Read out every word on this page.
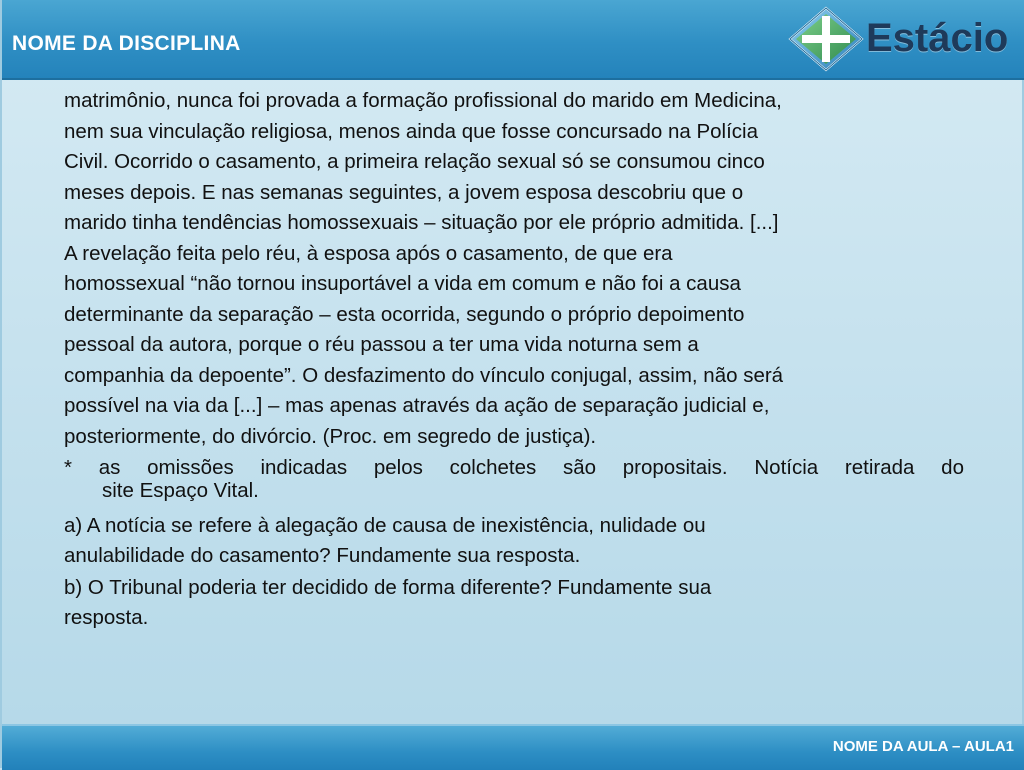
NOME DA DISCIPLINA	Estácio

matrimônio, nunca foi provada a formação profissional do marido em Medicina,

nem sua vinculação religiosa, menos ainda que fosse concursado na Polícia

Civil. Ocorrido o casamento, a primeira relação sexual só se consumou cinco

meses depois. E nas semanas seguintes, a jovem esposa descobriu que o

marido tinha tendências homossexuais – situação por ele próprio admitida. [...]

A revelação feita pelo réu, à esposa após o casamento, de que era

homossexual “não tornou insuportável a vida em comum e não foi a causa

determinante da separação – esta ocorrida, segundo o próprio depoimento

pessoal da autora, porque o réu passou a ter uma vida noturna sem a

companhia da depoente”. O desfazimento do vínculo conjugal, assim, não será

possível na via da [...] – mas apenas através da ação de separação judicial e,

posteriormente, do divórcio. (Proc. em segredo de justiça).

* as omissões indicadas pelos colchetes são propositais. Notícia retirada do

site Espaço Vital.

a) A notícia se refere à alegação de causa de inexistência, nulidade ou

anulabilidade do casamento? Fundamente sua resposta.

b) O Tribunal poderia ter decidido de forma diferente? Fundamente sua

resposta.

NOME DA AULA – AULA1
